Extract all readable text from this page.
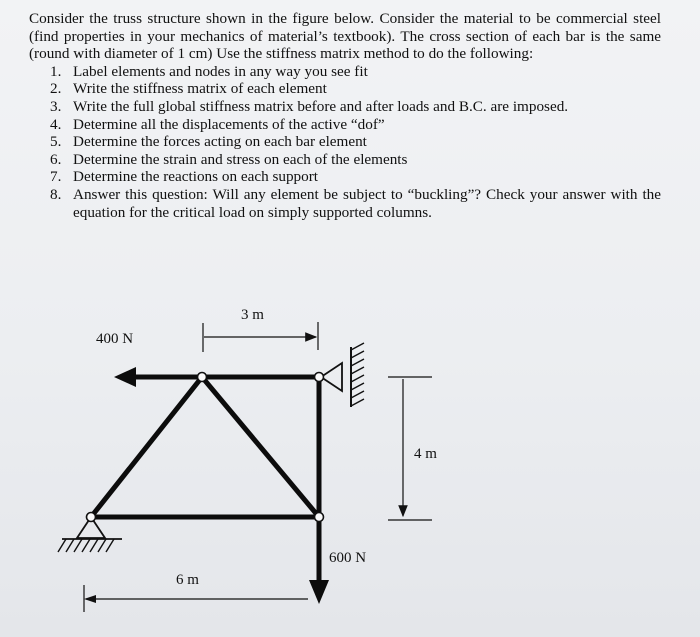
Consider the truss structure shown in the figure below. Consider the material to be commercial steel (find properties in your mechanics of material’s textbook). The cross section of each bar is the same (round with diameter of 1 cm) Use the stiffness matrix method to do the following:

1. Label elements and nodes in any way you see fit
2. Write the stiffness matrix of each element
3. Write the full global stiffness matrix before and after loads and B.C. are imposed.
4. Determine all the displacements of the active “dof”
5. Determine the forces acting on each bar element
6. Determine the strain and stress on each of the elements
7. Determine the reactions on each support
8. Answer this question: Will any element be subject to “buckling”? Check your answer with the equation for the critical load on simply supported columns.
3 m
4 m
6 m
400 N
600 N
